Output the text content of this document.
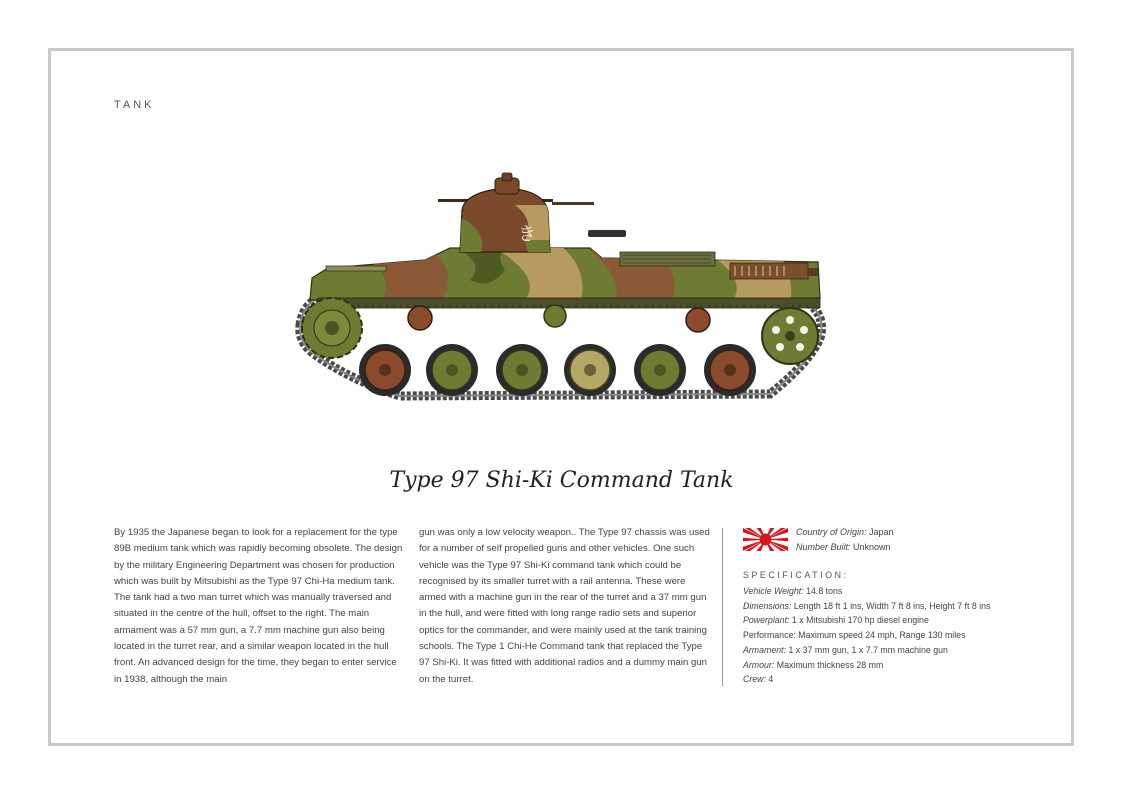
TANK
き
Type 97 Shi-Ki Command Tank
By 1935 the Japanese began to look for a replacement for the type 89B medium tank which was rapidly becoming obsolete. The design by the military Engineering Department was chosen for production which was built by Mitsubishi as the Type 97 Chi-Ha medium tank. The tank had a two man turret which was manually traversed and situated in the centre of the hull, offset to the right. The main armament was a 57 mm gun, a 7.7 mm machine gun also being located in the turret rear, and a similar weapon located in the hull front. An advanced design for the time, they began to enter service in 1938, although the main
gun was only a low velocity weapon.. The Type 97 chassis was used for a number of self propelled guns and other vehicles. One such vehicle was the Type 97 Shi-Ki command tank which could be recognised by its smaller turret with a rail antenna. These were armed with a machine gun in the rear of the turret and a 37 mm gun in the hull, and were fitted with long range radio sets and superior optics for the commander, and were mainly used at the tank training schools. The Type 1 Chi-He Command tank that replaced the Type 97 Shi-Ki. It was fitted with additional radios and a dummy main gun on the turret.
Country of Origin: Japan
Number Built: Unknown
SPECIFICATION:
Vehicle Weight: 14.8 tons
Dimensions: Length 18 ft 1 ins, Width 7 ft 8 ins, Height 7 ft 8 ins
Powerplant: 1 x Mitsubishi 170 hp diesel engine
Performance: Maximum speed 24 mph, Range 130 miles
Armament: 1 x 37 mm gun, 1 x 7.7 mm machine gun
Armour: Maximum thickness 28 mm
Crew: 4
